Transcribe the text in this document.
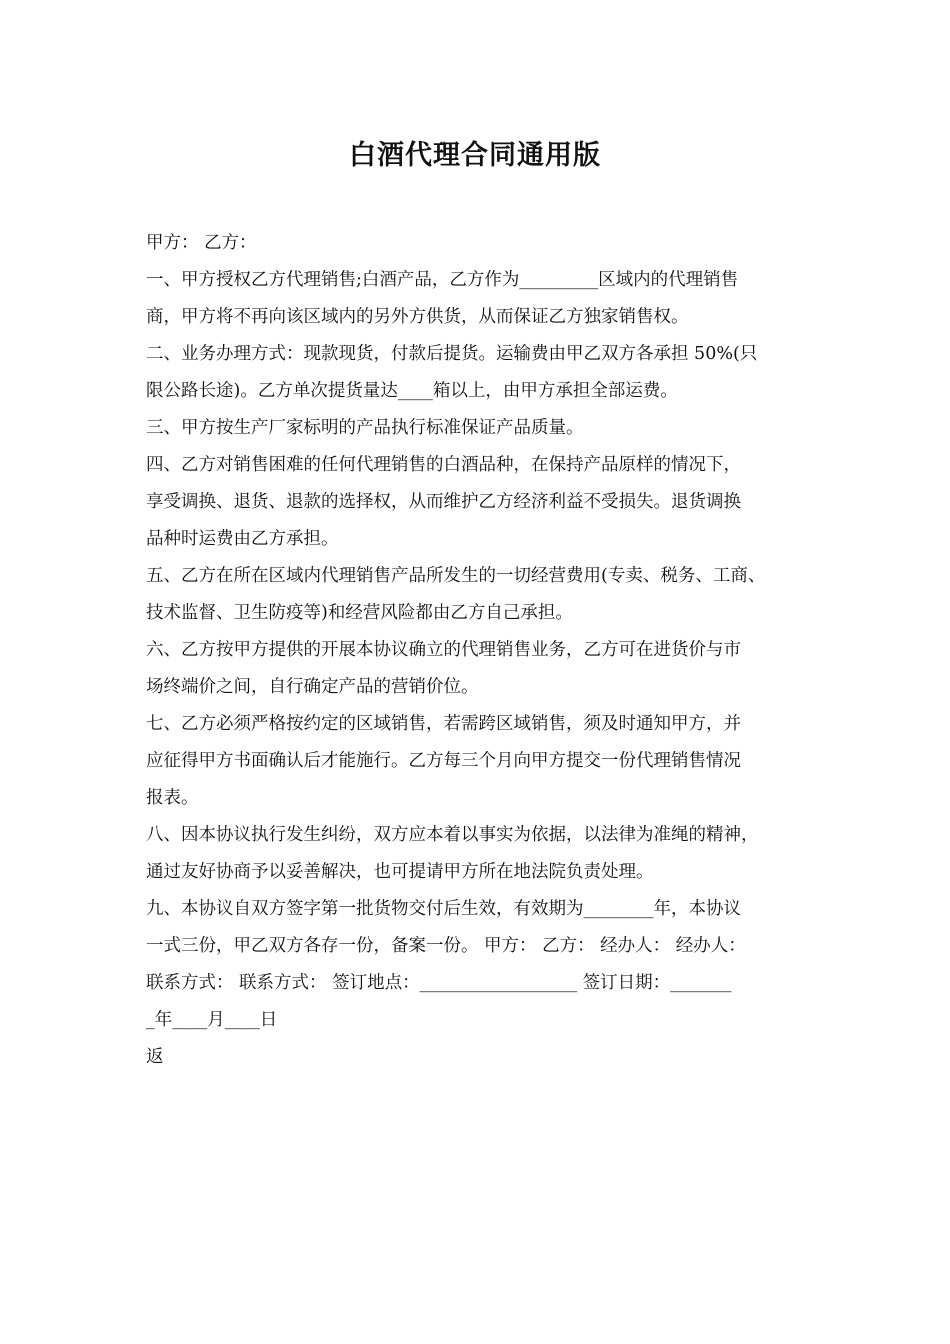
白酒代理合同通用版
甲方： 乙方：
一、甲方授权乙方代理销售;白酒产品，乙方作为_________区域内的代理销售
商，甲方将不再向该区域内的另外方供货，从而保证乙方独家销售权。
二、业务办理方式：现款现货，付款后提货。运输费由甲乙双方各承担 50%(只
限公路长途)。乙方单次提货量达____箱以上，由甲方承担全部运费。
三、甲方按生产厂家标明的产品执行标准保证产品质量。
四、乙方对销售困难的任何代理销售的白酒品种，在保持产品原样的情况下，
享受调换、退货、退款的选择权，从而维护乙方经济利益不受损失。退货调换
品种时运费由乙方承担。
五、乙方在所在区域内代理销售产品所发生的一切经营费用(专卖、税务、工商、
技术监督、卫生防疫等)和经营风险都由乙方自己承担。
六、乙方按甲方提供的开展本协议确立的代理销售业务，乙方可在进货价与市
场终端价之间，自行确定产品的营销价位。
七、乙方必须严格按约定的区域销售，若需跨区域销售，须及时通知甲方，并
应征得甲方书面确认后才能施行。乙方每三个月向甲方提交一份代理销售情况
报表。
八、因本协议执行发生纠纷，双方应本着以事实为依据，以法律为准绳的精神，
通过友好协商予以妥善解决，也可提请甲方所在地法院负责处理。
九、本协议自双方签字第一批货物交付后生效，有效期为________年，本协议
一式三份，甲乙双方各存一份，备案一份。 甲方： 乙方： 经办人： 经办人：
联系方式： 联系方式： 签订地点：__________________ 签订日期：_______
_年____月____日
返
